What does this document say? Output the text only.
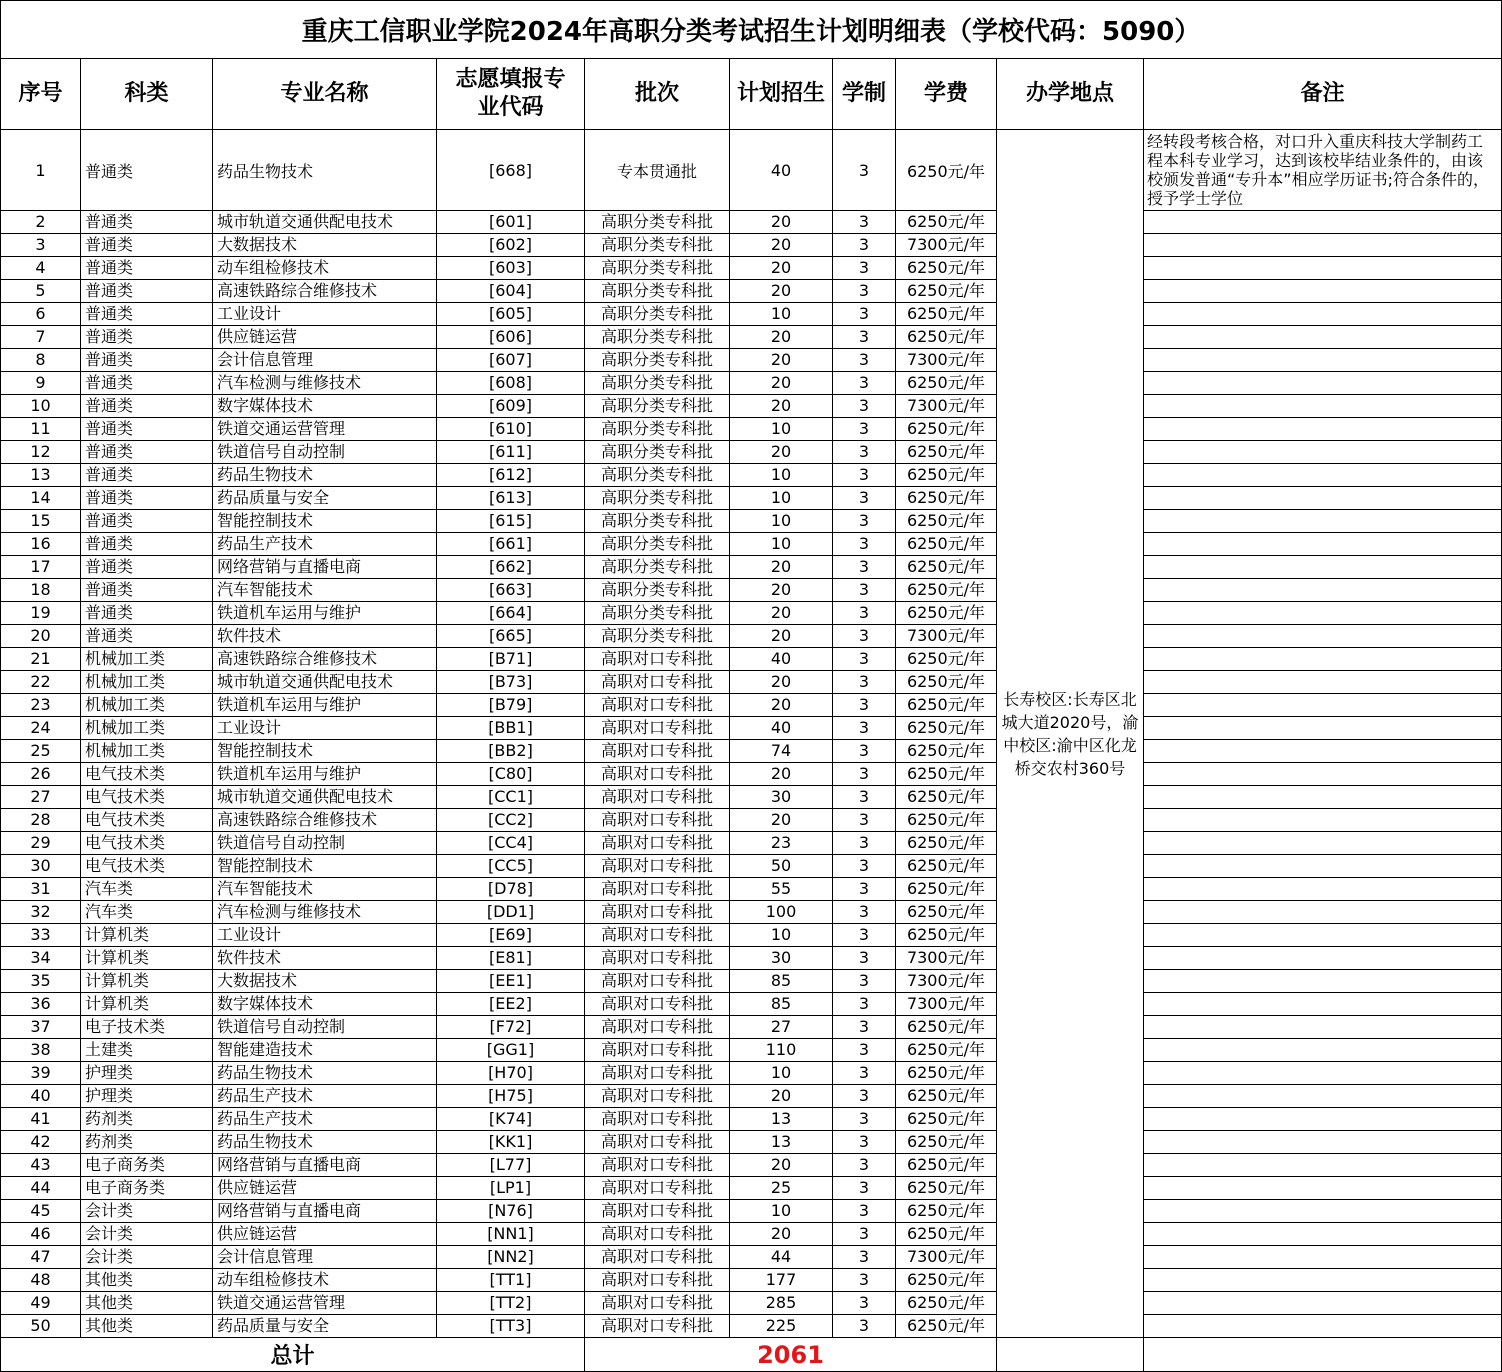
重庆工信职业学院2024年高职分类考试招生计划明细表（学校代码：5090）									
序号	科类	专业名称	志愿填报专业代码	批次	计划招生	学制	学费	办学地点	备注
1	普通类	药品生物技术	[668]	专本贯通批	40	3	6250元/年	长寿校区:长寿区北城大道2020号，渝中校区:渝中区化龙桥交农村360号	经转段考核合格，对口升入重庆科技大学制药工程本科专业学习，达到该校毕结业条件的，由该校颁发普通“专升本”相应学历证书;符合条件的，授予学士学位
2	普通类	城市轨道交通供配电技术	[601]	高职分类专科批	20	3	6250元/年		
3	普通类	大数据技术	[602]	高职分类专科批	20	3	7300元/年		
4	普通类	动车组检修技术	[603]	高职分类专科批	20	3	6250元/年		
5	普通类	高速铁路综合维修技术	[604]	高职分类专科批	20	3	6250元/年		
6	普通类	工业设计	[605]	高职分类专科批	10	3	6250元/年		
7	普通类	供应链运营	[606]	高职分类专科批	20	3	6250元/年		
8	普通类	会计信息管理	[607]	高职分类专科批	20	3	7300元/年		
9	普通类	汽车检测与维修技术	[608]	高职分类专科批	20	3	6250元/年		
10	普通类	数字媒体技术	[609]	高职分类专科批	20	3	7300元/年		
11	普通类	铁道交通运营管理	[610]	高职分类专科批	10	3	6250元/年		
12	普通类	铁道信号自动控制	[611]	高职分类专科批	20	3	6250元/年		
13	普通类	药品生物技术	[612]	高职分类专科批	10	3	6250元/年		
14	普通类	药品质量与安全	[613]	高职分类专科批	10	3	6250元/年		
15	普通类	智能控制技术	[615]	高职分类专科批	10	3	6250元/年		
16	普通类	药品生产技术	[661]	高职分类专科批	10	3	6250元/年		
17	普通类	网络营销与直播电商	[662]	高职分类专科批	20	3	6250元/年		
18	普通类	汽车智能技术	[663]	高职分类专科批	20	3	6250元/年		
19	普通类	铁道机车运用与维护	[664]	高职分类专科批	20	3	6250元/年		
20	普通类	软件技术	[665]	高职分类专科批	20	3	7300元/年		
21	机械加工类	高速铁路综合维修技术	[B71]	高职对口专科批	40	3	6250元/年		
22	机械加工类	城市轨道交通供配电技术	[B73]	高职对口专科批	20	3	6250元/年		
23	机械加工类	铁道机车运用与维护	[B79]	高职对口专科批	20	3	6250元/年		
24	机械加工类	工业设计	[BB1]	高职对口专科批	40	3	6250元/年		
25	机械加工类	智能控制技术	[BB2]	高职对口专科批	74	3	6250元/年		
26	电气技术类	铁道机车运用与维护	[C80]	高职对口专科批	20	3	6250元/年		
27	电气技术类	城市轨道交通供配电技术	[CC1]	高职对口专科批	30	3	6250元/年		
28	电气技术类	高速铁路综合维修技术	[CC2]	高职对口专科批	20	3	6250元/年		
29	电气技术类	铁道信号自动控制	[CC4]	高职对口专科批	23	3	6250元/年		
30	电气技术类	智能控制技术	[CC5]	高职对口专科批	50	3	6250元/年		
31	汽车类	汽车智能技术	[D78]	高职对口专科批	55	3	6250元/年		
32	汽车类	汽车检测与维修技术	[DD1]	高职对口专科批	100	3	6250元/年		
33	计算机类	工业设计	[E69]	高职对口专科批	10	3	6250元/年		
34	计算机类	软件技术	[E81]	高职对口专科批	30	3	7300元/年		
35	计算机类	大数据技术	[EE1]	高职对口专科批	85	3	7300元/年		
36	计算机类	数字媒体技术	[EE2]	高职对口专科批	85	3	7300元/年		
37	电子技术类	铁道信号自动控制	[F72]	高职对口专科批	27	3	6250元/年		
38	土建类	智能建造技术	[GG1]	高职对口专科批	110	3	6250元/年		
39	护理类	药品生物技术	[H70]	高职对口专科批	10	3	6250元/年		
40	护理类	药品生产技术	[H75]	高职对口专科批	20	3	6250元/年		
41	药剂类	药品生产技术	[K74]	高职对口专科批	13	3	6250元/年		
42	药剂类	药品生物技术	[KK1]	高职对口专科批	13	3	6250元/年		
43	电子商务类	网络营销与直播电商	[L77]	高职对口专科批	20	3	6250元/年		
44	电子商务类	供应链运营	[LP1]	高职对口专科批	25	3	6250元/年		
45	会计类	网络营销与直播电商	[N76]	高职对口专科批	10	3	6250元/年		
46	会计类	供应链运营	[NN1]	高职对口专科批	20	3	6250元/年		
47	会计类	会计信息管理	[NN2]	高职对口专科批	44	3	7300元/年		
48	其他类	动车组检修技术	[TT1]	高职对口专科批	177	3	6250元/年		
49	其他类	铁道交通运营管理	[TT2]	高职对口专科批	285	3	6250元/年		
50	其他类	药品质量与安全	[TT3]	高职对口专科批	225	3	6250元/年		
总计				2061					
